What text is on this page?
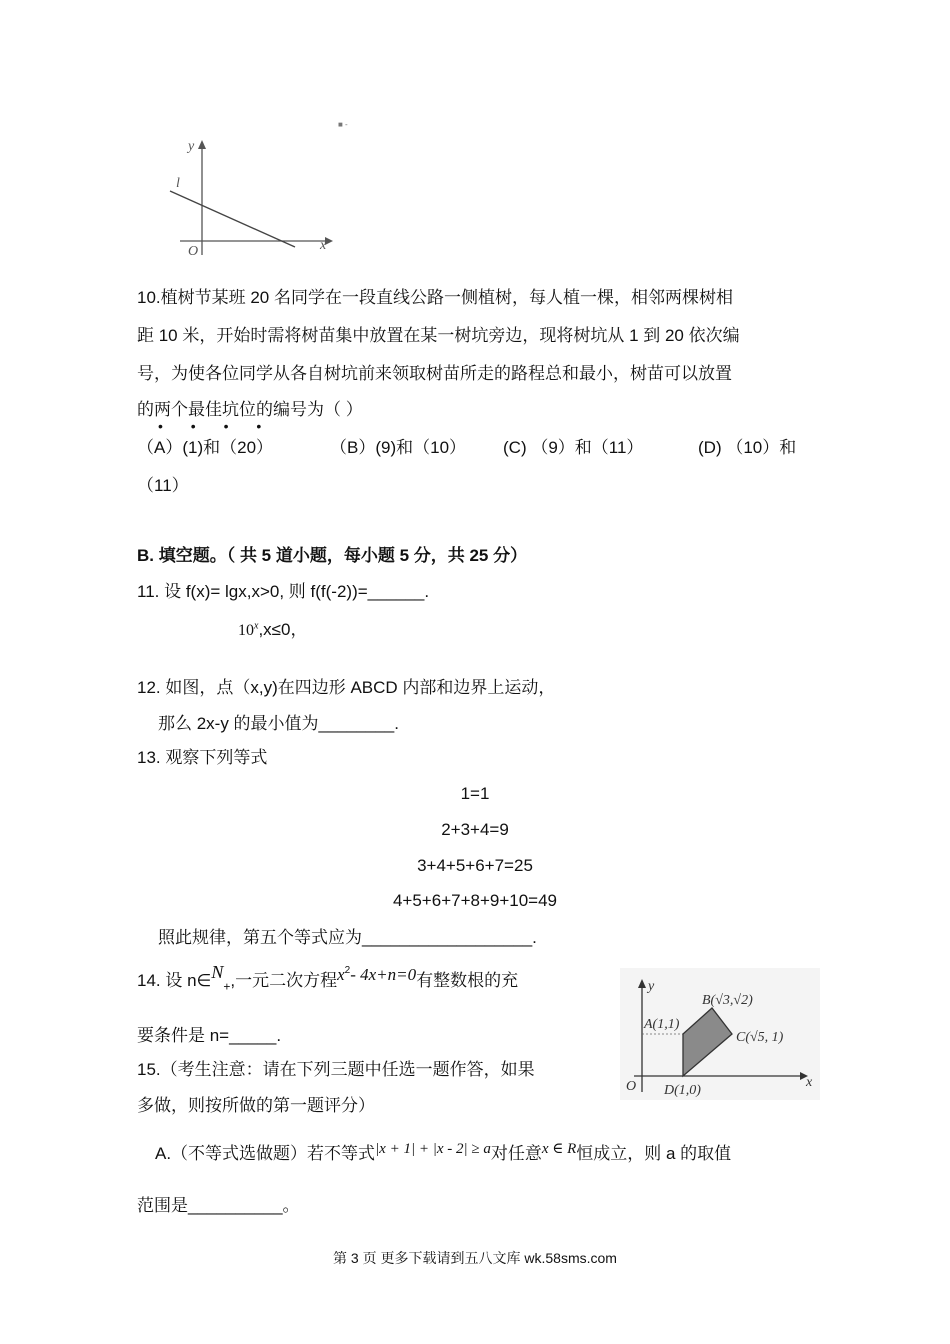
y
x
O
l
■ -
10.植树节某班 20 名同学在一段直线公路一侧植树，每人植一棵，相邻两棵树相
距 10 米，开始时需将树苗集中放置在某一树坑旁边，现将树坑从 1 到 20 依次编
号，为使各位同学从各自树坑前来领取树苗所走的路程总和最小，树苗可以放置
的两个最佳坑位的编号为（ ）
• • • •
（A）(1)和（20）	（B）(9)和（10） (C) （9）和（11）	(D) （10）和
（11）
B. 填空题。（ 共 5 道小题，每小题 5 分，共 25 分）
11. 设 f(x)= lgx,x>0, 则 f(f(-2))=______.
$10^x,x\le 0$，
12. 如图，点（x,y)在四边形 ABCD 内部和边界上运动，
那么 2x-y 的最小值为________.
13. 观察下列等式
1=1
2+3+4=9
3+4+5+6+7=25
4+5+6+7+8+9+10=49
照此规律，第五个等式应为__________________.
14. 设 $n\in N_+$,一元二次方程$x^2-$ 4x+n=0有整数根的充
要条件是 n=_____.
15.（考生注意：请在下列三题中任选一题作答，如果
多做，则按所做的第一题评分）
A.（不等式选做题）若不等式|x + 1| + |x - 2| ≥ a对任意x ∈ R恒成立，则 a 的取值
范围是__________。
y
x
O
A(1,1)
B(√3,√2)
C(√5, 1)
D(1,0)
第 3 页 更多下载请到五八文库 wk.58sms.com
